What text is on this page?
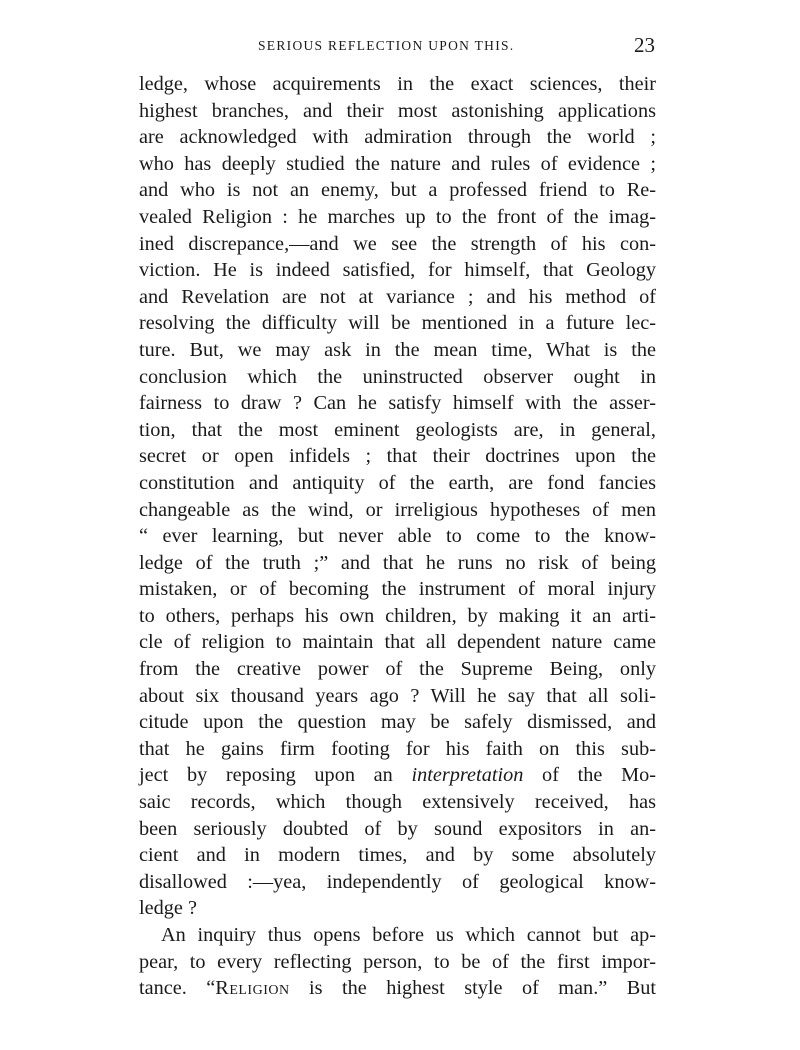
SERIOUS REFLECTION UPON THIS.	23
ledge, whose acquirements in the exact sciences, their
highest branches, and their most astonishing applications
are acknowledged with admiration through the world ;
who has deeply studied the nature and rules of evidence ;
and who is not an enemy, but a professed friend to Re-
vealed Religion : he marches up to the front of the imag-
ined discrepance,—and we see the strength of his con-
viction. He is indeed satisfied, for himself, that Geology
and Revelation are not at variance ; and his method of
resolving the difficulty will be mentioned in a future lec-
ture. But, we may ask in the mean time, What is the
conclusion which the uninstructed observer ought in
fairness to draw ? Can he satisfy himself with the asser-
tion, that the most eminent geologists are, in general,
secret or open infidels ; that their doctrines upon the
constitution and antiquity of the earth, are fond fancies
changeable as the wind, or irreligious hypotheses of men
“ ever learning, but never able to come to the know-
ledge of the truth ;” and that he runs no risk of being
mistaken, or of becoming the instrument of moral injury
to others, perhaps his own children, by making it an arti-
cle of religion to maintain that all dependent nature came
from the creative power of the Supreme Being, only
about six thousand years ago ? Will he say that all soli-
citude upon the question may be safely dismissed, and
that he gains firm footing for his faith on this sub-
ject by reposing upon an interpretation of the Mo-
saic records, which though extensively received, has
been seriously doubted of by sound expositors in an-
cient and in modern times, and by some absolutely
disallowed :—yea, independently of geological know-
ledge ?
An inquiry thus opens before us which cannot but ap-
pear, to every reflecting person, to be of the first impor-
tance. “Religion is the highest style of man.” But
